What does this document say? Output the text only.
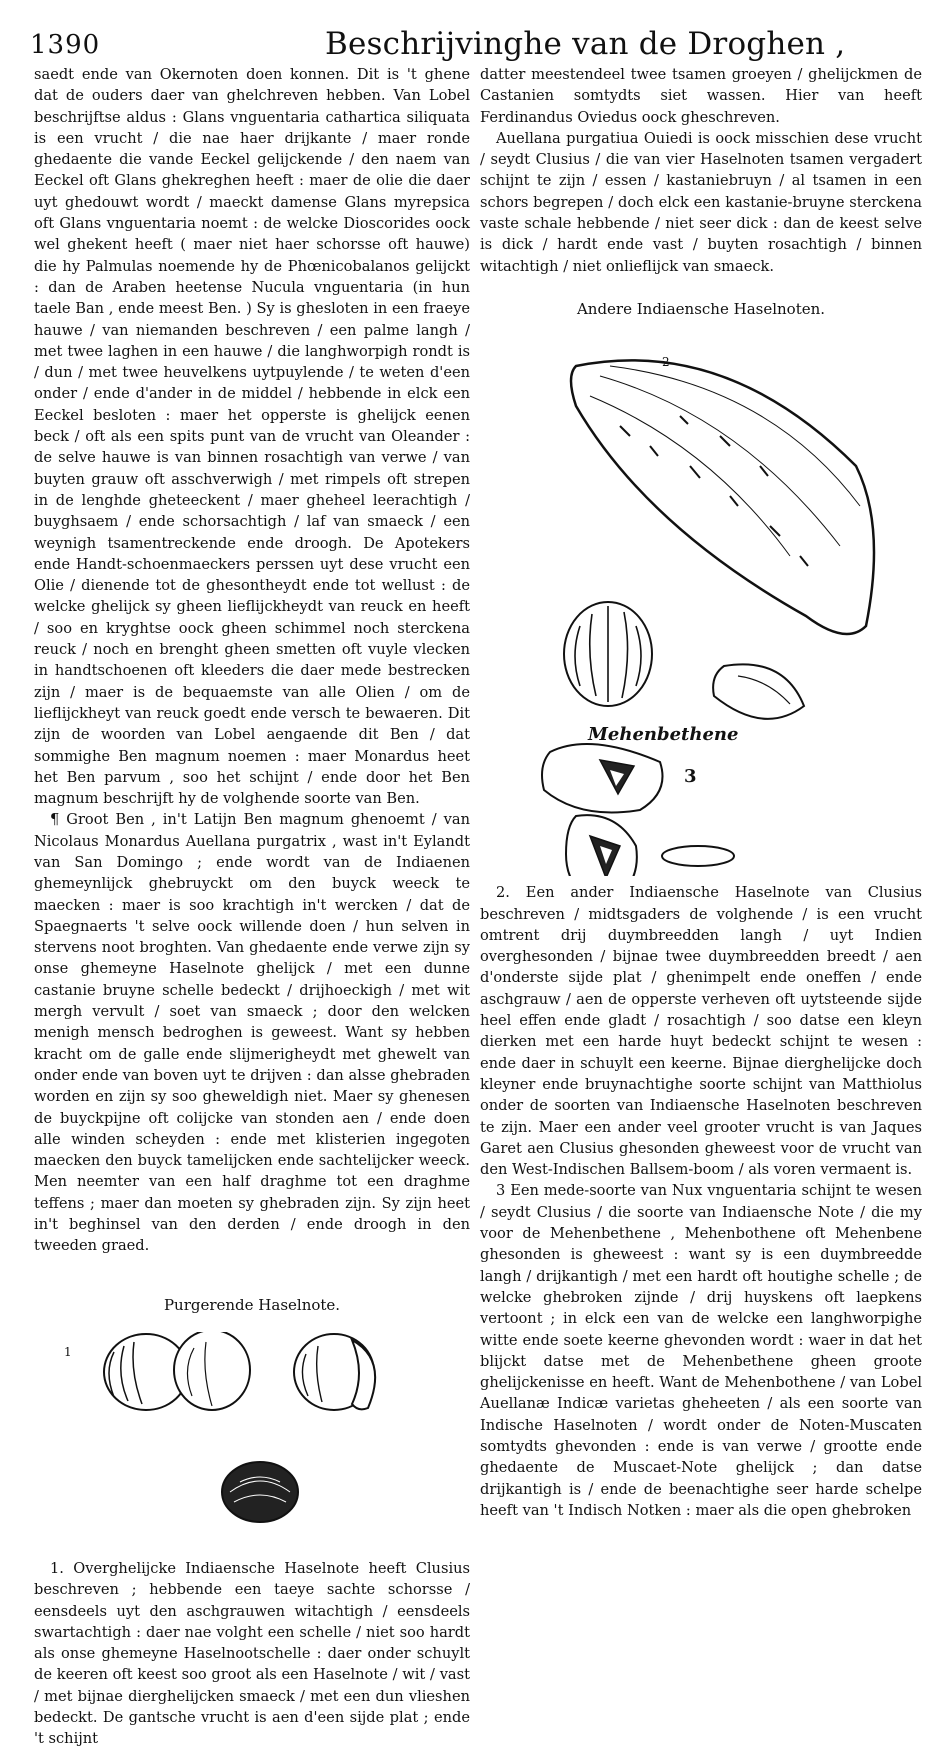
1390	Beschrijvinghe van de Droghen ,

saedt ende van Okernoten doen konnen. Dit is 't ghene dat de ouders daer van ghelchreven hebben. Van Lobel beschrijftse aldus : Glans vnguentaria cathartica siliquata is een vrucht / die nae haer drijkante / maer ronde ghedaente die vande Eeckel gelijckende / den naem van Eeckel oft Glans ghekreghen heeft : maer de olie die daer uyt ghedouwt wordt / maeckt damense Glans myrepsica oft Glans vnguentaria noemt : de welcke Dioscorides oock wel ghekent heeft ( maer niet haer schorsse oft hauwe) die hy Palmulas noemende hy de Phœnicobalanos gelijckt : dan de Araben heetense Nucula vnguentaria (in hun taele Ban , ende meest Ben. ) Sy is ghesloten in een fraeye hauwe / van niemanden beschreven / een palme langh / met twee laghen in een hauwe / die langhworpigh rondt is / dun / met twee heuvelkens uytpuylende / te weten d'een onder / ende d'ander in de middel / hebbende in elck een Eeckel besloten : maer het opperste is ghelijck eenen beck / oft als een spits punt van de vrucht van Oleander : de selve hauwe is van binnen rosachtigh van verwe / van buyten grauw oft asschverwigh / met rimpels oft strepen in de lenghde gheteeckent / maer gheheel leerachtigh / buyghsaem / ende schorsachtigh / laf van smaeck / een weynigh tsamentreckende ende droogh. De Apotekers ende Handt-schoenmaeckers perssen uyt dese vrucht een Olie / dienende tot de ghesontheydt ende tot wellust : de welcke ghelijck sy gheen lieflijckheydt van reuck en heeft / soo en kryghtse oock gheen schimmel noch sterckena reuck / noch en brenght gheen smetten oft vuyle vlecken in handtschoenen oft kleeders die daer mede bestrecken zijn / maer is de bequaemste van alle Olien / om de lieflijckheyt van reuck goedt ende versch te bewaeren. Dit zijn de woorden van Lobel aengaende dit Ben / dat sommighe Ben magnum noemen : maer Monardus heet het Ben parvum , soo het schijnt / ende door het Ben magnum beschrijft hy de volghende soorte van Ben.

¶ Groot Ben , in't Latijn Ben magnum ghenoemt / van Nicolaus Monardus Auellana purgatrix , wast in't Eylandt van San Domingo ; ende wordt van de Indiaenen ghemeynlijck ghebruyckt om den buyck weeck te maecken : maer is soo krachtigh in't wercken / dat de Spaegnaerts 't selve oock willende doen / hun selven in stervens noot broghten. Van ghedaente ende verwe zijn sy onse ghemeyne Haselnote ghelijck / met een dunne castanie bruyne schelle bedeckt / drijhoeckigh / met wit mergh vervult / soet van smaeck ; door den welcken menigh mensch bedroghen is geweest. Want sy hebben kracht om de galle ende slijmerigheydt met ghewelt van onder ende van boven uyt te drijven : dan alsse ghebraden worden en zijn sy soo gheweldigh niet. Maer sy ghenesen de buyckpijne oft colijcke van stonden aen / ende doen alle winden scheyden : ende met klisterien ingegoten maecken den buyck tamelijcken ende sachtelijcker weeck. Men neemter van een half draghme tot een draghme teffens ; maer dan moeten sy ghebraden zijn. Sy zijn heet in't beghinsel van den derden / ende droogh in den tweeden graed.

Purgerende Haselnote.
1

1. Overghelijcke Indiaensche Haselnote heeft Clusius beschreven ; hebbende een taeye sachte schorsse / eensdeels uyt den aschgrauwen witachtigh / eensdeels swartachtigh : daer nae volght een schelle / niet soo hardt als onse ghemeyne Haselnootschelle : daer onder schuylt de keeren oft keest soo groot als een Haselnote / wit / vast / met bijnae dierghelijcken smaeck / met een dun vlieshen bedeckt. De gantsche vrucht is aen d'een sijde plat ; ende 't schijnt

datter meestendeel twee tsamen groeyen / ghelijckmen de Castanien somtydts siet wassen. Hier van heeft Ferdinandus Oviedus oock gheschreven.

Auellana purgatiua Ouiedi is oock misschien dese vrucht / seydt Clusius / die van vier Haselnoten tsamen vergadert schijnt te zijn / essen / kastaniebruyn / al tsamen in een schors begrepen / doch elck een kastanie-bruyne sterckena vaste schale hebbende / niet seer dick : dan de keest selve is dick / hardt ende vast / buyten rosachtigh / binnen witachtigh / niet onlieflijck van smaeck.

Andere Indiaensche Haselnoten.
2
Mehenbethene
3

2. Een ander Indiaensche Haselnote van Clusius beschreven / midtsgaders de volghende / is een vrucht omtrent drij duymbreedden langh / uyt Indien overghesonden / bijnae twee duymbreedden breedt / aen d'onderste sijde plat / ghenimpelt ende oneffen / ende aschgrauw / aen de opperste verheven oft uytsteende sijde heel effen ende gladt / rosachtigh / soo datse een kleyn dierken met een harde huyt bedeckt schijnt te wesen : ende daer in schuylt een keerne. Bijnae dierghelijcke doch kleyner ende bruynachtighe soorte schijnt van Matthiolus onder de soorten van Indiaensche Haselnoten beschreven te zijn. Maer een ander veel grooter vrucht is van Jaques Garet aen Clusius ghesonden gheweest voor de vrucht van den West-Indischen Ballsem-boom / als voren vermaent is.

3 Een mede-soorte van Nux vnguentaria schijnt te wesen / seydt Clusius / die soorte van Indiaensche Note / die my voor de Mehenbethene , Mehenbothene oft Mehenbene ghesonden is gheweest : want sy is een duymbreedde langh / drijkantigh / met een hardt oft houtighe schelle ; de welcke ghebroken zijnde / drij huyskens oft laepkens vertoont ; in elck een van de welcke een langhworpighe witte ende soete keerne ghevonden wordt : waer in dat het blijckt datse met de Mehenbethene gheen groote ghelijckenisse en heeft. Want de Mehenbothene / van Lobel Auellanæ Indicæ varietas gheheeten / als een soorte van Indische Haselnoten / wordt onder de Noten-Muscaten somtydts ghevonden : ende is van verwe / grootte ende ghedaente de Muscaet-Note ghelijck ; dan datse drijkantigh is / ende de beenachtighe seer harde schelpe heeft van 't Indisch Notken : maer als die open ghebroken
